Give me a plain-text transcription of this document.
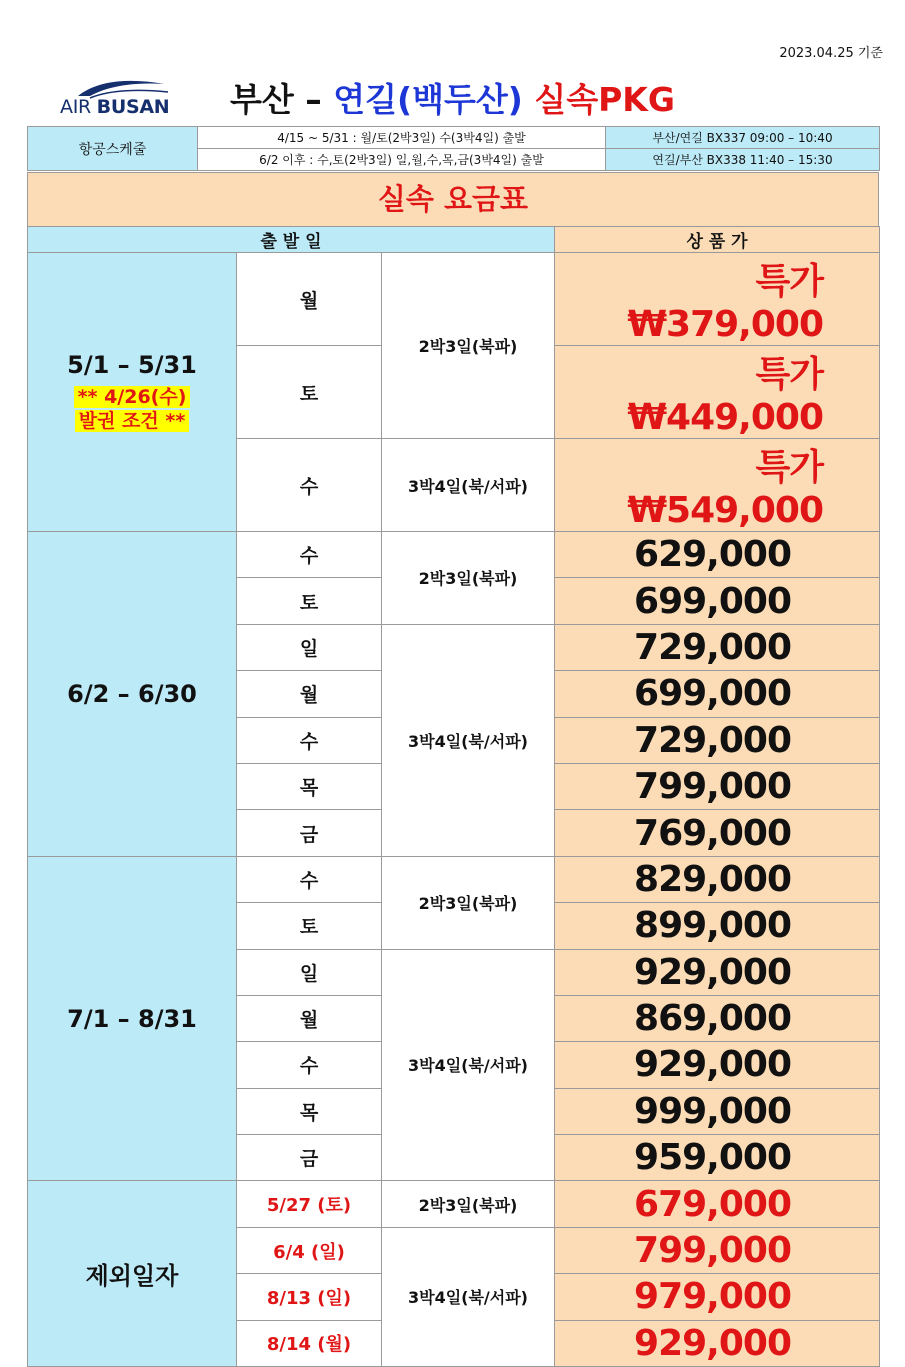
2023.04.25 기준
AIR BUSAN	부산 – 연길(백두산) 실속PKG
항공스케줄	4/15 ~ 5/31 : 월/토(2박3일) 수(3박4일) 출발	부산/연길 BX337 09:00 – 10:40
	6/2 이후 : 수,토(2박3일) 일,월,수,목,금(3박4일) 출발	연길/부산 BX338 11:40 – 15:30
실속 요금표
출 발 일			상 품 가

5/1 – 5/31
** 4/26(수)
발권 조건 **	월	2박3일(북파)	특가 ₩379,000
	토		특가 ₩449,000
	수	3박4일(북/서파)	특가 ₩549,000
6/2 – 6/30	수	2박3일(북파)	629,000
	토		699,000
	일	3박4일(북/서파)	729,000
	월		699,000
	수		729,000
	목		799,000
	금		769,000
7/1 – 8/31	수	2박3일(북파)	829,000
	토		899,000
	일	3박4일(북/서파)	929,000
	월		869,000
	수		929,000
	목		999,000
	금		959,000
제외일자	5/27 (토)	2박3일(북파)	679,000
	6/4 (일)	3박4일(북/서파)	799,000
	8/13 (일)		979,000
	8/14 (월)		929,000
